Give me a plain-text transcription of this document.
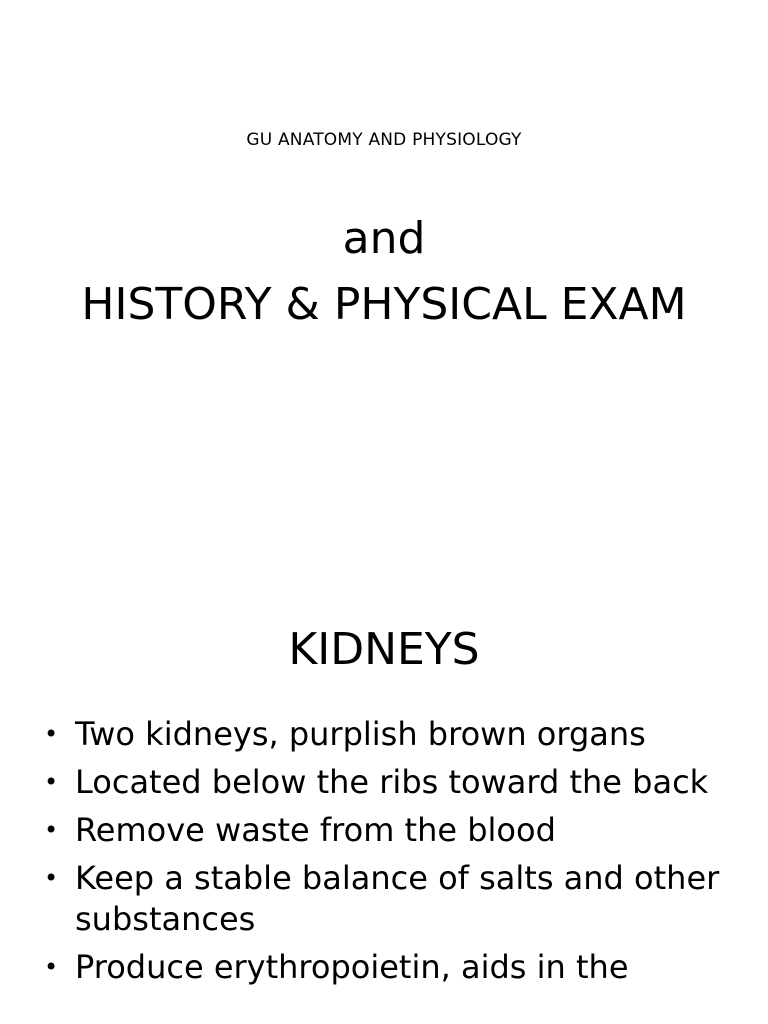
GU ANATOMY AND PHYSIOLOGY
and
HISTORY & PHYSICAL EXAM
KIDNEYS
• Two kidneys, purplish brown organs
• Located below the ribs toward the back
• Remove waste from the blood
• Keep a stable balance of salts and other substances
• Produce erythropoietin, aids in the
